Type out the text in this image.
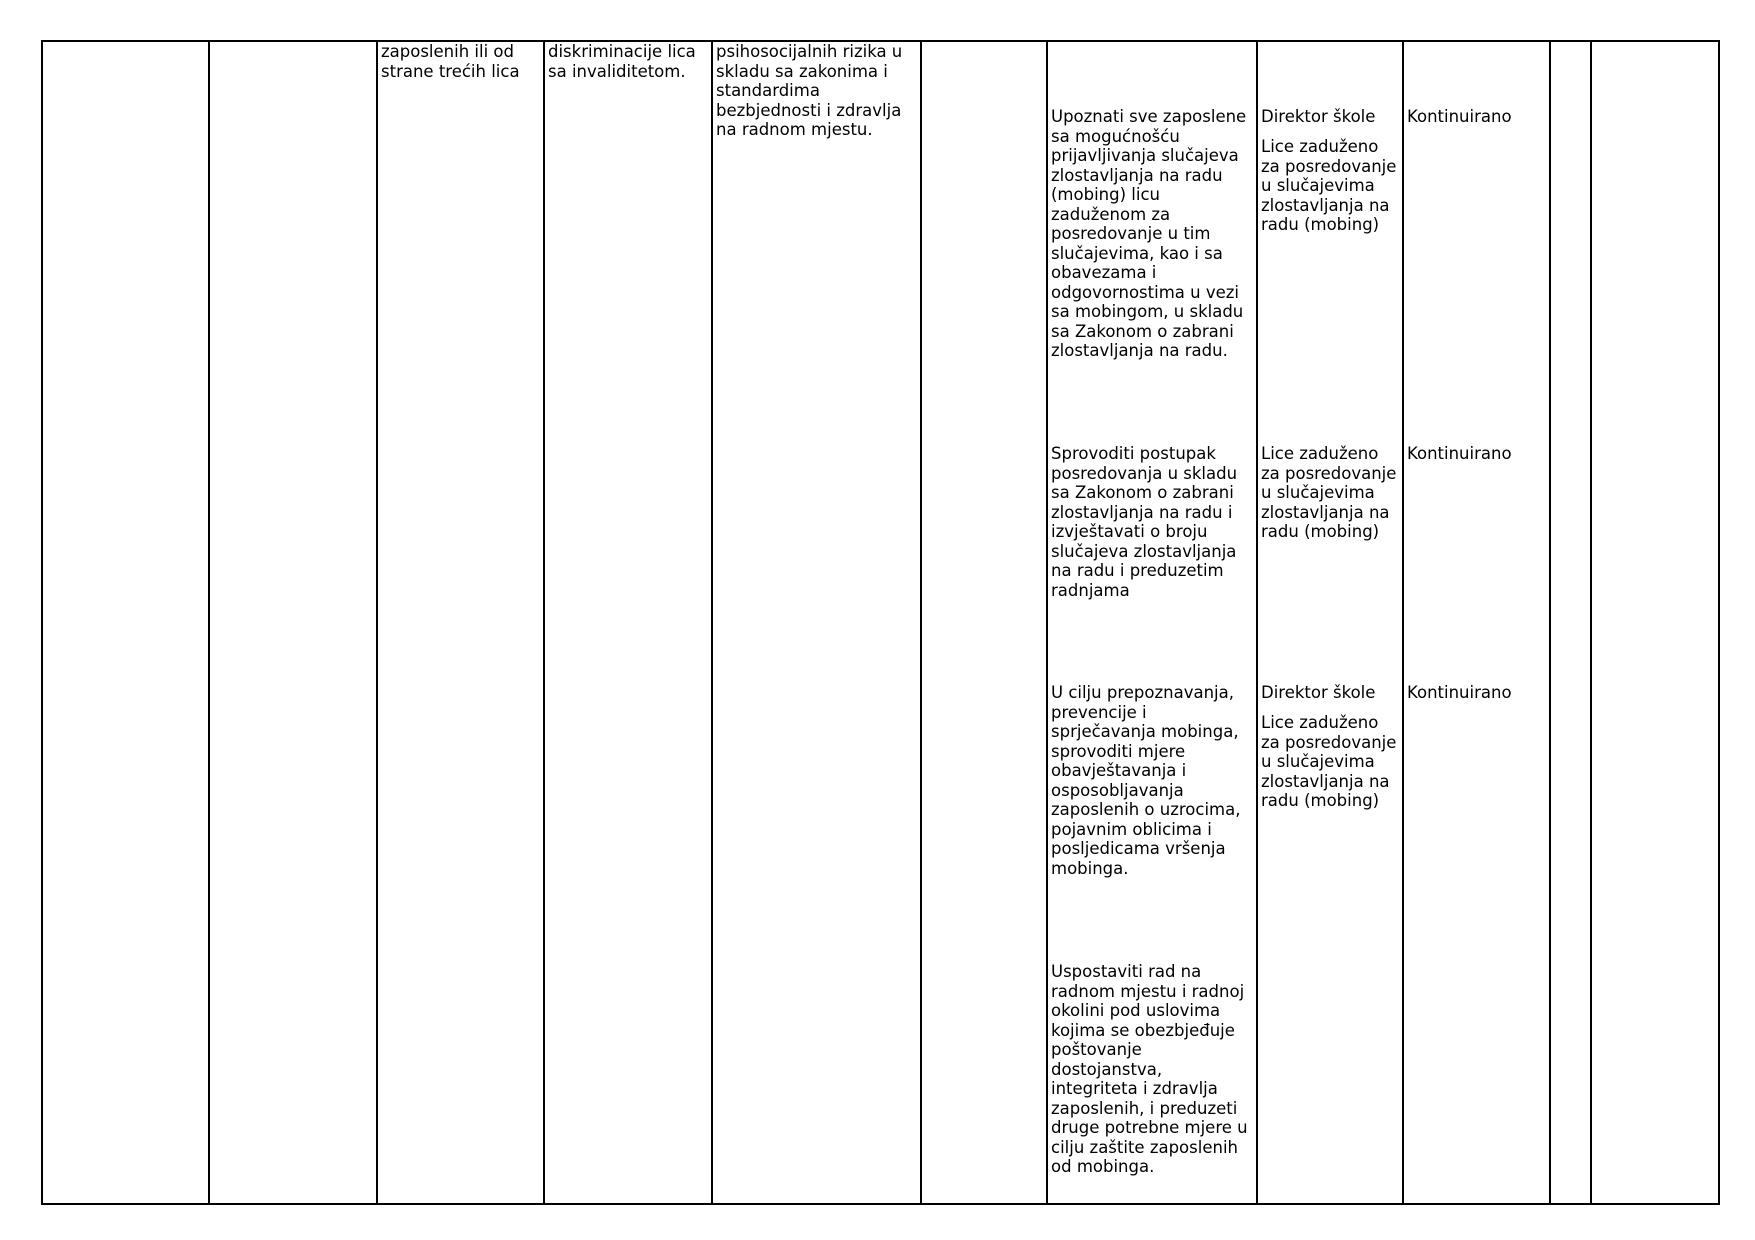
zaposlenih ili od
strane trećih lica
diskriminacije lica
sa invaliditetom.
psihosocijalnih rizika u
skladu sa zakonima i
standardima
bezbjednosti i zdravlja
na radnom mjestu.
Upoznati sve zaposlene
sa mogućnošću
prijavljivanja slučajeva
zlostavljanja na radu
(mobing) licu
zaduženom za
posredovanje u tim
slučajevima, kao i sa
obavezama i
odgovornostima u vezi
sa mobingom, u skladu
sa Zakonom o zabrani
zlostavljanja na radu.
Direktor škole
Lice zaduženo
za posredovanje
u slučajevima
zlostavljanja na
radu (mobing)
Kontinuirano
Sprovoditi postupak
posredovanja u skladu
sa Zakonom o zabrani
zlostavljanja na radu i
izvještavati o broju
slučajeva zlostavljanja
na radu i preduzetim
radnjama
Lice zaduženo
za posredovanje
u slučajevima
zlostavljanja na
radu (mobing)
Kontinuirano
U cilju prepoznavanja,
prevencije i
sprječavanja mobinga,
sprovoditi mjere
obavještavanja i
osposobljavanja
zaposlenih o uzrocima,
pojavnim oblicima i
posljedicama vršenja
mobinga.
Direktor škole
Lice zaduženo
za posredovanje
u slučajevima
zlostavljanja na
radu (mobing)
Kontinuirano
Uspostaviti rad na
radnom mjestu i radnoj
okolini pod uslovima
kojima se obezbjeđuje
poštovanje
dostojanstva,
integriteta i zdravlja
zaposlenih, i preduzeti
druge potrebne mjere u
cilju zaštite zaposlenih
od mobinga.
